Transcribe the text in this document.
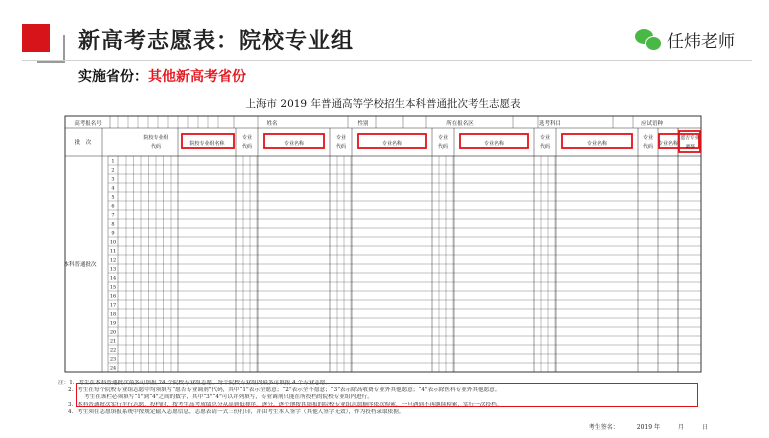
新高考志愿表：院校专业组	任炜老师
实施省份：其他新高考省份
上海市 2019 年普通高等学校招生本科普通批次考生志愿表
高考报名号	姓名	性别	所在报名区	选考科目	应试语种
批　次
院校专业组
代码	院校专业组名称
专业
代码	专业名称
专业
代码	专业名称
专业
代码	专业名称
专业
代码	专业名称
专业
代码 专业名称
愿否专业
调剂
1
2
3
4
5
6
7
8
9
10
11
12
13
14
15
16
17
18
19
20
21
22
23
24
本科普通批次
注：1．考生在本科普通批次最多可填报 24 个院校专业组志愿，每个院校专业组内最多可填报 4 个专业志愿。
2．考生在每个院校专业组志愿中均须填写“愿否专业调剂”代码，其中“1”表示全愿意；“2”表示全不愿意；“3”表示除高收费专业外其他愿意；“4”表示除医科专业外其他愿意。
考生在该栏必须填写“1”到“4”之间的数字，其中“3”“4”可以并列填写，专业调剂只能在所投档的院校专业组内进行。
3．本科普通批次实行平行志愿，投档时，按考生高考成绩总分从高到低排序，逐分、逐个地按其填报的院校专业组志愿顺序依次检索，一旦遇到不再继续检索，实行一次投档。
4．考生须在志愿填报系统中按规定输入志愿信息，志愿表请一式三份打印，并由考生本人签字（其他人签字无效），作为投档录取依据。
考生签名：	2019 年	月	日
